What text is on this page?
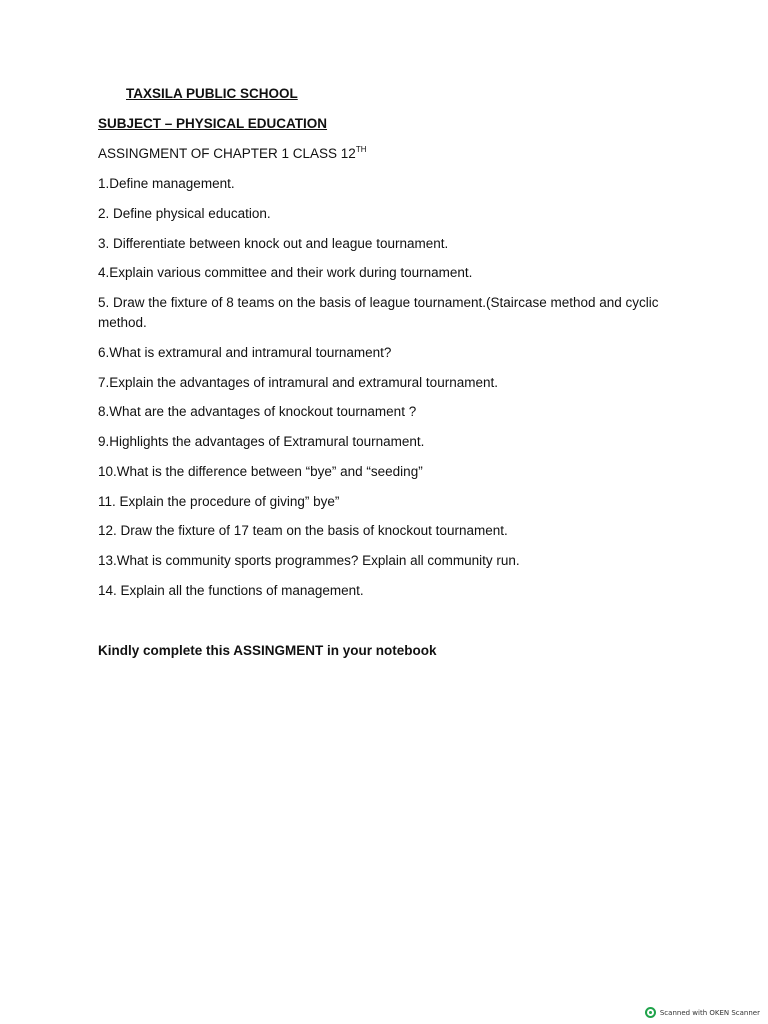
TAXSILA PUBLIC SCHOOL
SUBJECT – PHYSICAL EDUCATION
ASSINGMENT OF CHAPTER 1 CLASS 12TH
1.Define management.
2. Define physical education.
3. Differentiate between knock out and league tournament.
4.Explain various committee and their work during tournament.
5. Draw the fixture of 8 teams on the basis of league tournament.(Staircase method and cyclic method.
6.What is extramural and intramural tournament?
7.Explain the advantages of intramural and extramural tournament.
8.What are the advantages of knockout tournament ?
9.Highlights the advantages of Extramural tournament.
10.What is the difference between “bye” and “seeding”
11. Explain the procedure of giving” bye”
12. Draw the fixture of 17 team on the basis of knockout tournament.
13.What is community sports programmes? Explain all community run.
14. Explain all the functions of management.
Kindly complete this ASSINGMENT in your notebook
Scanned with OKEN Scanner
